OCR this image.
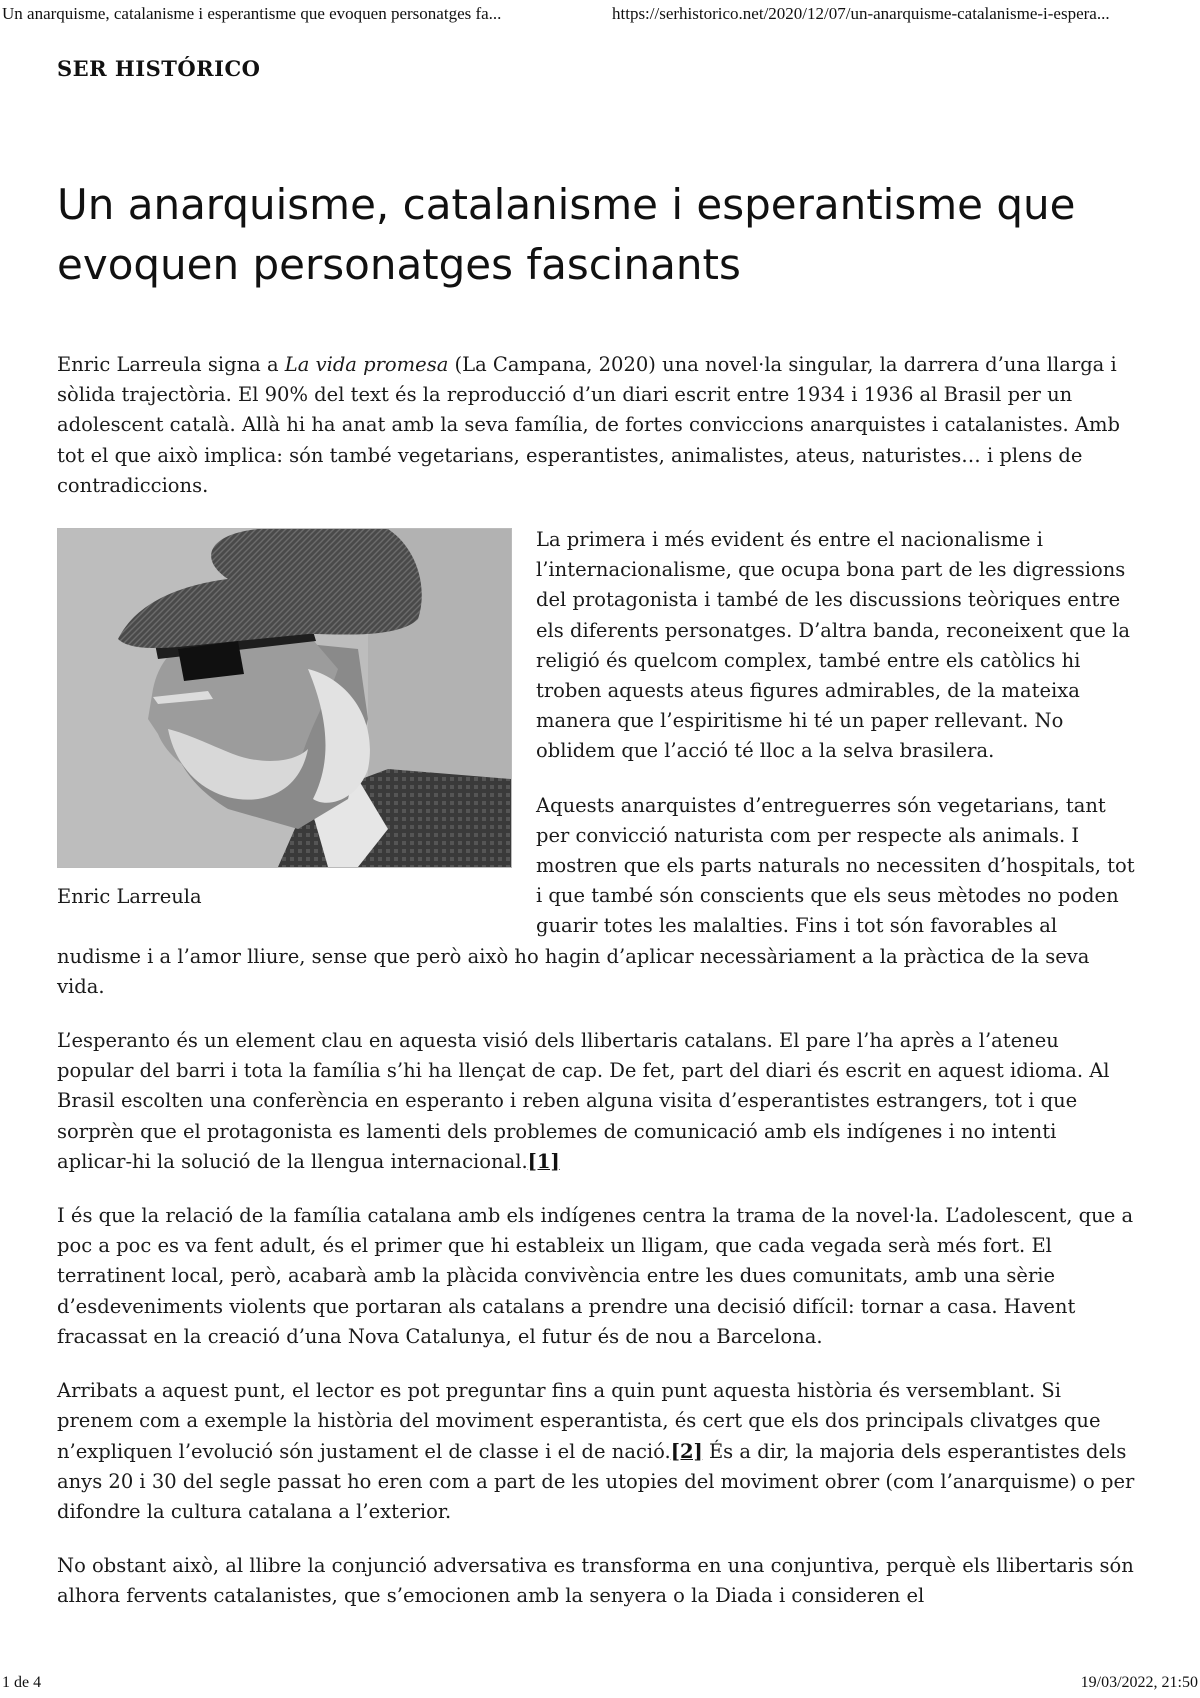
Un anarquisme, catalanisme i esperantisme que evoquen personatges fa...	https://serhistorico.net/2020/12/07/un-anarquisme-catalanisme-i-espera...
SER HISTÓRICO
Un anarquisme, catalanisme i esperantisme que evoquen personatges fascinants

Enric Larreula signa a La vida promesa (La Campana, 2020) una novel·la singular, la darrera d’una llarga i sòlida trajectòria. El 90% del text és la reproducció d’un diari escrit entre 1934 i 1936 al Brasil per un adolescent català. Allà hi ha anat amb la seva família, de fortes conviccions anarquistes i catalanistes. Amb tot el que això implica: són també vegetarians, esperantistes, animalistes, ateus, naturistes… i plens de contradiccions.

Enric Larreula

La primera i més evident és entre el nacionalisme i l’internacionalisme, que ocupa bona part de les digressions del protagonista i també de les discussions teòriques entre els diferents personatges. D’altra banda, reconeixent que la religió és quelcom complex, també entre els catòlics hi troben aquests ateus figures admirables, de la mateixa manera que l’espiritisme hi té un paper rellevant. No oblidem que l’acció té lloc a la selva brasilera.

Aquests anarquistes d’entreguerres són vegetarians, tant per convicció naturista com per respecte als animals. I mostren que els parts naturals no necessiten d’hospitals, tot i que també són conscients que els seus mètodes no poden guarir totes les malalties. Fins i tot són favorables al nudisme i a l’amor lliure, sense que però això ho hagin d’aplicar necessàriament a la pràctica de la seva vida.

L’esperanto és un element clau en aquesta visió dels llibertaris catalans. El pare l’ha après a l’ateneu popular del barri i tota la família s’hi ha llençat de cap. De fet, part del diari és escrit en aquest idioma. Al Brasil escolten una conferència en esperanto i reben alguna visita d’esperantistes estrangers, tot i que sorprèn que el protagonista es lamenti dels problemes de comunicació amb els indígenes i no intenti aplicar-hi la solució de la llengua internacional.[1]

I és que la relació de la família catalana amb els indígenes centra la trama de la novel·la. L’adolescent, que a poc a poc es va fent adult, és el primer que hi estableix un lligam, que cada vegada serà més fort. El terratinent local, però, acabarà amb la plàcida convivència entre les dues comunitats, amb una sèrie d’esdeveniments violents que portaran als catalans a prendre una decisió difícil: tornar a casa. Havent fracassat en la creació d’una Nova Catalunya, el futur és de nou a Barcelona.

Arribats a aquest punt, el lector es pot preguntar fins a quin punt aquesta història és versemblant. Si prenem com a exemple la història del moviment esperantista, és cert que els dos principals clivatges que n’expliquen l’evolució són justament el de classe i el de nació.[2] És a dir, la majoria dels esperantistes dels anys 20 i 30 del segle passat ho eren com a part de les utopies del moviment obrer (com l’anarquisme) o per difondre la cultura catalana a l’exterior.

No obstant això, al llibre la conjunció adversativa es transforma en una conjuntiva, perquè els llibertaris són alhora fervents catalanistes, que s’emocionen amb la senyera o la Diada i consideren el

1 de 4	19/03/2022, 21:50
